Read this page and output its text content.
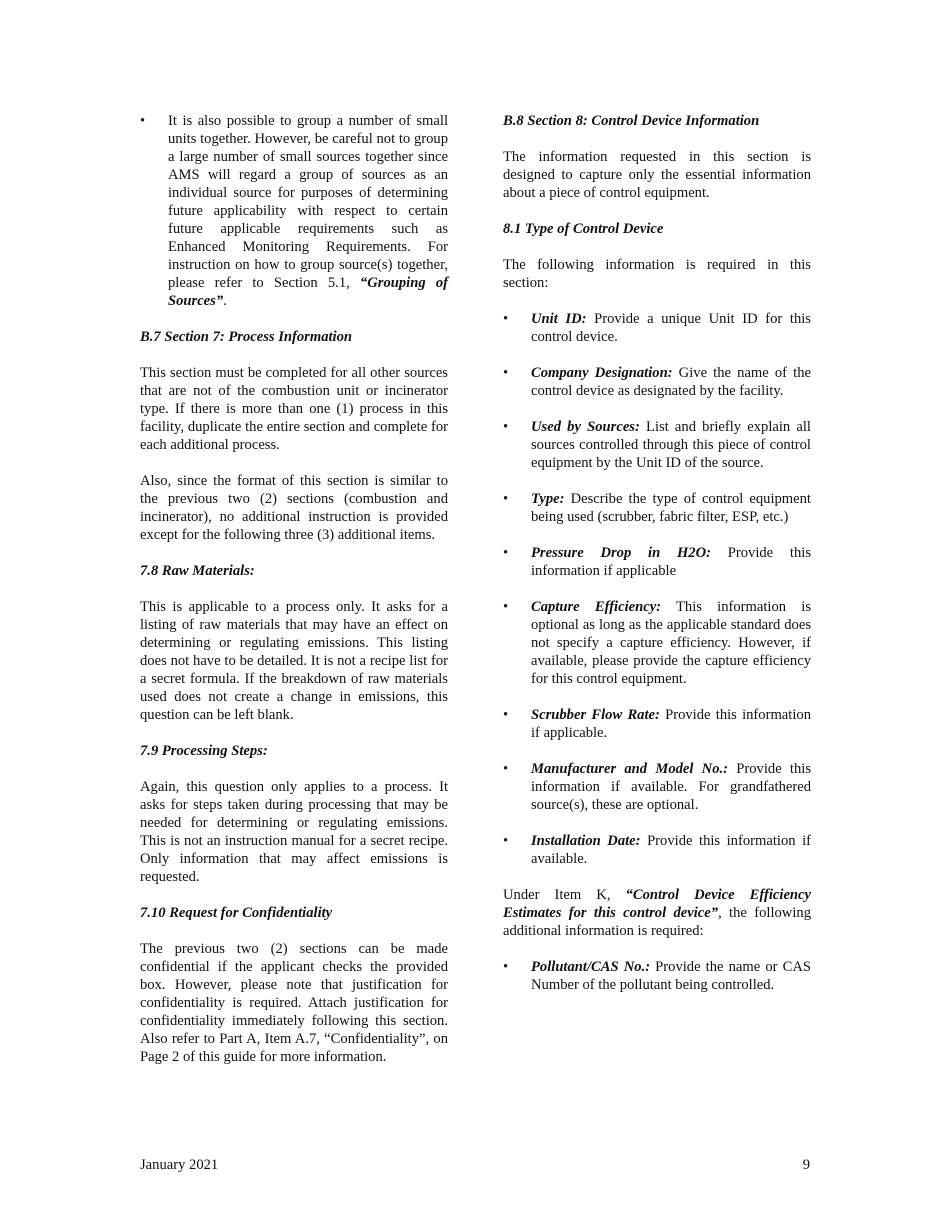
•	It is also possible to group a number of small units together. However, be careful not to group a large number of small sources together since AMS will regard a group of sources as an individual source for purposes of determining future applicability with respect to certain future applicable requirements such as Enhanced Monitoring Requirements. For instruction on how to group source(s) together, please refer to Section 5.1, “Grouping of Sources”.
B.7 Section 7: Process Information

This section must be completed for all other sources that are not of the combustion unit or incinerator type. If there is more than one (1) process in this facility, duplicate the entire section and complete for each additional process.

Also, since the format of this section is similar to the previous two (2) sections (combustion and incinerator), no additional instruction is provided except for the following three (3) additional items.

7.8 Raw Materials:

This is applicable to a process only. It asks for a listing of raw materials that may have an effect on determining or regulating emissions. This listing does not have to be detailed. It is not a recipe list for a secret formula. If the breakdown of raw materials used does not create a change in emissions, this question can be left blank.

7.9 Processing Steps:

Again, this question only applies to a process. It asks for steps taken during processing that may be needed for determining or regulating emissions. This is not an instruction manual for a secret recipe. Only information that may affect emissions is requested.

7.10 Request for Confidentiality

The previous two (2) sections can be made confidential if the applicant checks the provided box. However, please note that justification for confidentiality is required. Attach justification for confidentiality immediately following this section. Also refer to Part A, Item A.7, “Confidentiality”, on Page 2 of this guide for more information.

B.8 Section 8: Control Device Information

The information requested in this section is designed to capture only the essential information about a piece of control equipment.

8.1 Type of Control Device

The following information is required in this section:

•	Unit ID: Provide a unique Unit ID for this control device.
•	Company Designation: Give the name of the control device as designated by the facility.
•	Used by Sources: List and briefly explain all sources controlled through this piece of control equipment by the Unit ID of the source.
•	Type: Describe the type of control equipment being used (scrubber, fabric filter, ESP, etc.)
•	Pressure Drop in H2O: Provide this information if applicable
•	Capture Efficiency: This information is optional as long as the applicable standard does not specify a capture efficiency. However, if available, please provide the capture efficiency for this control equipment.
•	Scrubber Flow Rate: Provide this information if applicable.
•	Manufacturer and Model No.: Provide this information if available. For grandfathered source(s), these are optional.
•	Installation Date: Provide this information if available.

Under Item K, “Control Device Efficiency Estimates for this control device”, the following additional information is required:

•	Pollutant/CAS No.: Provide the name or CAS Number of the pollutant being controlled.
January 2021	9
